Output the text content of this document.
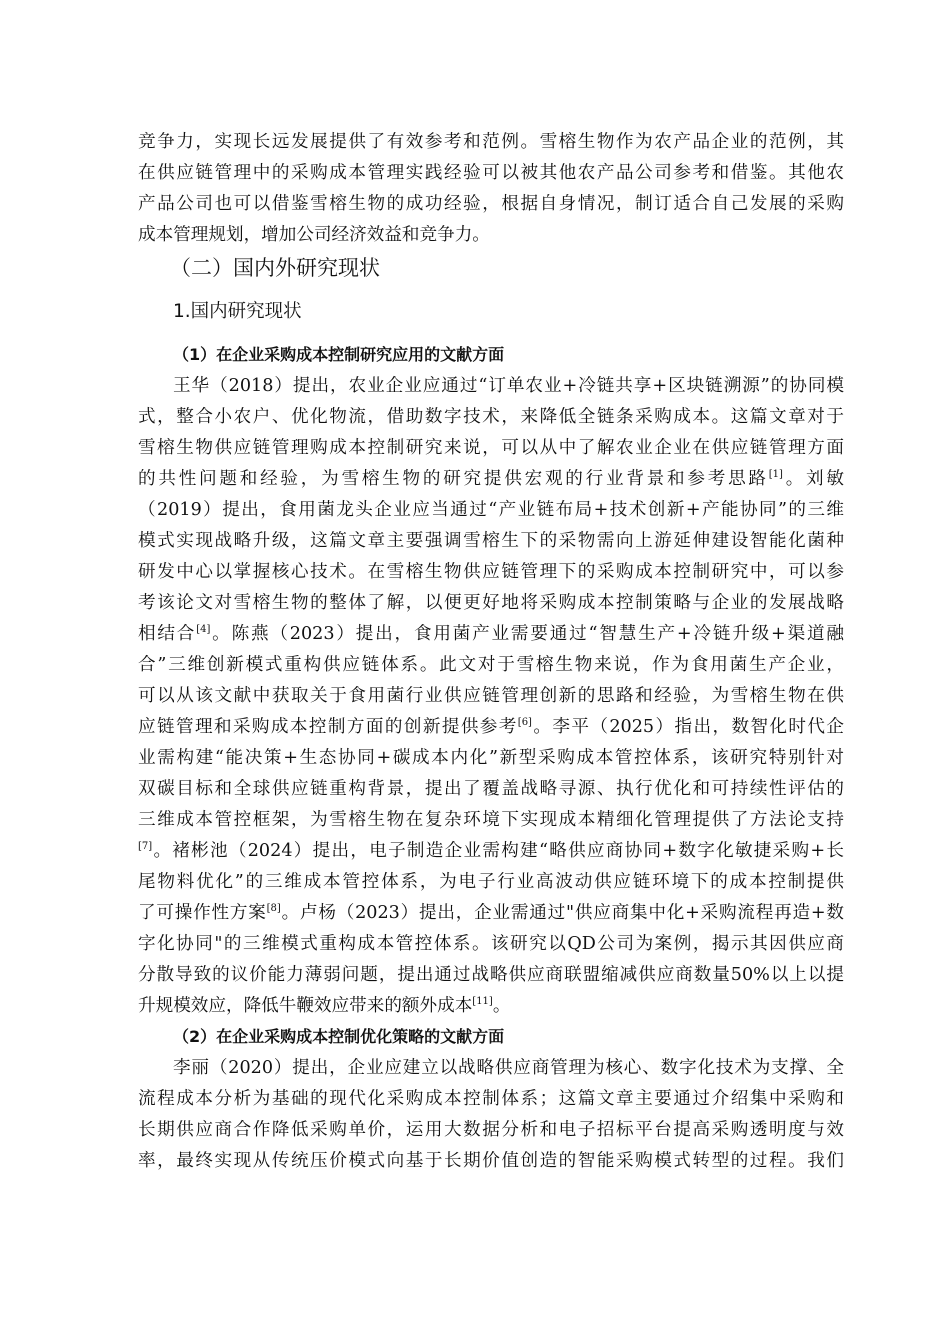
竞争力，实现长远发展提供了有效参考和范例。雪榕生物作为农产品企业的范例，其
在供应链管理中的采购成本管理实践经验可以被其他农产品公司参考和借鉴。其他农
产品公司也可以借鉴雪榕生物的成功经验，根据自身情况，制订适合自己发展的采购
成本管理规划，增加公司经济效益和竞争力。
（二）国内外研究现状
1.国内研究现状
（1）在企业采购成本控制研究应用的文献方面
王华（2018）提出，农业企业应通过“订单农业+冷链共享+区块链溯源”的协同模
式，整合小农户、优化物流，借助数字技术，来降低全链条采购成本。这篇文章对于
雪榕生物供应链管理购成本控制研究来说，可以从中了解农业企业在供应链管理方面
的共性问题和经验，为雪榕生物的研究提供宏观的行业背景和参考思路[1]。刘敏
（2019）提出，食用菌龙头企业应当通过“产业链布局+技术创新+产能协同”的三维
模式实现战略升级，这篇文章主要强调雪榕生下的采物需向上游延伸建设智能化菌种
研发中心以掌握核心技术。在雪榕生物供应链管理下的采购成本控制研究中，可以参
考该论文对雪榕生物的整体了解，以便更好地将采购成本控制策略与企业的发展战略
相结合[4]。陈燕（2023）提出，食用菌产业需要通过“智慧生产+冷链升级+渠道融
合”三维创新模式重构供应链体系。此文对于雪榕生物来说，作为食用菌生产企业，
可以从该文献中获取关于食用菌行业供应链管理创新的思路和经验，为雪榕生物在供
应链管理和采购成本控制方面的创新提供参考[6]。李平（2025）指出，数智化时代企
业需构建“能决策+生态协同+碳成本内化”新型采购成本管控体系，该研究特别针对
双碳目标和全球供应链重构背景，提出了覆盖战略寻源、执行优化和可持续性评估的
三维成本管控框架，为雪榕生物在复杂环境下实现成本精细化管理提供了方法论支持
[7]。褚彬池（2024）提出，电子制造企业需构建“略供应商协同+数字化敏捷采购+长
尾物料优化”的三维成本管控体系，为电子行业高波动供应链环境下的成本控制提供
了可操作性方案[8]。卢杨（2023）提出，企业需通过"供应商集中化+采购流程再造+数
字化协同"的三维模式重构成本管控体系。该研究以QD公司为案例，揭示其因供应商
分散导致的议价能力薄弱问题，提出通过战略供应商联盟缩减供应商数量50%以上以提
升规模效应，降低牛鞭效应带来的额外成本[11]。
（2）在企业采购成本控制优化策略的文献方面
李丽（2020）提出，企业应建立以战略供应商管理为核心、数字化技术为支撑、全
流程成本分析为基础的现代化采购成本控制体系；这篇文章主要通过介绍集中采购和
长期供应商合作降低采购单价，运用大数据分析和电子招标平台提高采购透明度与效
率，最终实现从传统压价模式向基于长期价值创造的智能采购模式转型的过程。我们
